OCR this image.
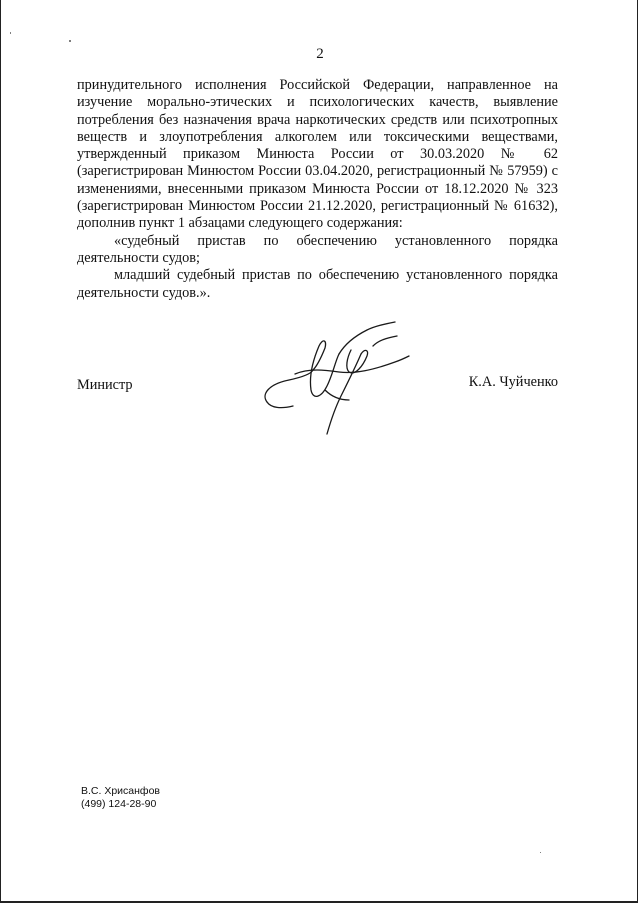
2

принудительного исполнения Российской Федерации, направленное на изучение морально-этических и психологических качеств, выявление потребления без назначения врача наркотических средств или психотропных веществ и злоупотребления алкоголем или токсическими веществами, утвержденный приказом Минюста России от 30.03.2020 № 62 (зарегистрирован Минюстом России 03.04.2020, регистрационный № 57959) с изменениями, внесенными приказом Минюста России от 18.12.2020 № 323 (зарегистрирован Минюстом России 21.12.2020, регистрационный № 61632), дополнив пункт 1 абзацами следующего содержания:

«судебный пристав по обеспечению установленного порядка деятельности судов;

младший судебный пристав по обеспечению установленного порядка деятельности судов.».

Министр	К.А. Чуйченко
В.С. Хрисанфов
(499) 124-28-90
